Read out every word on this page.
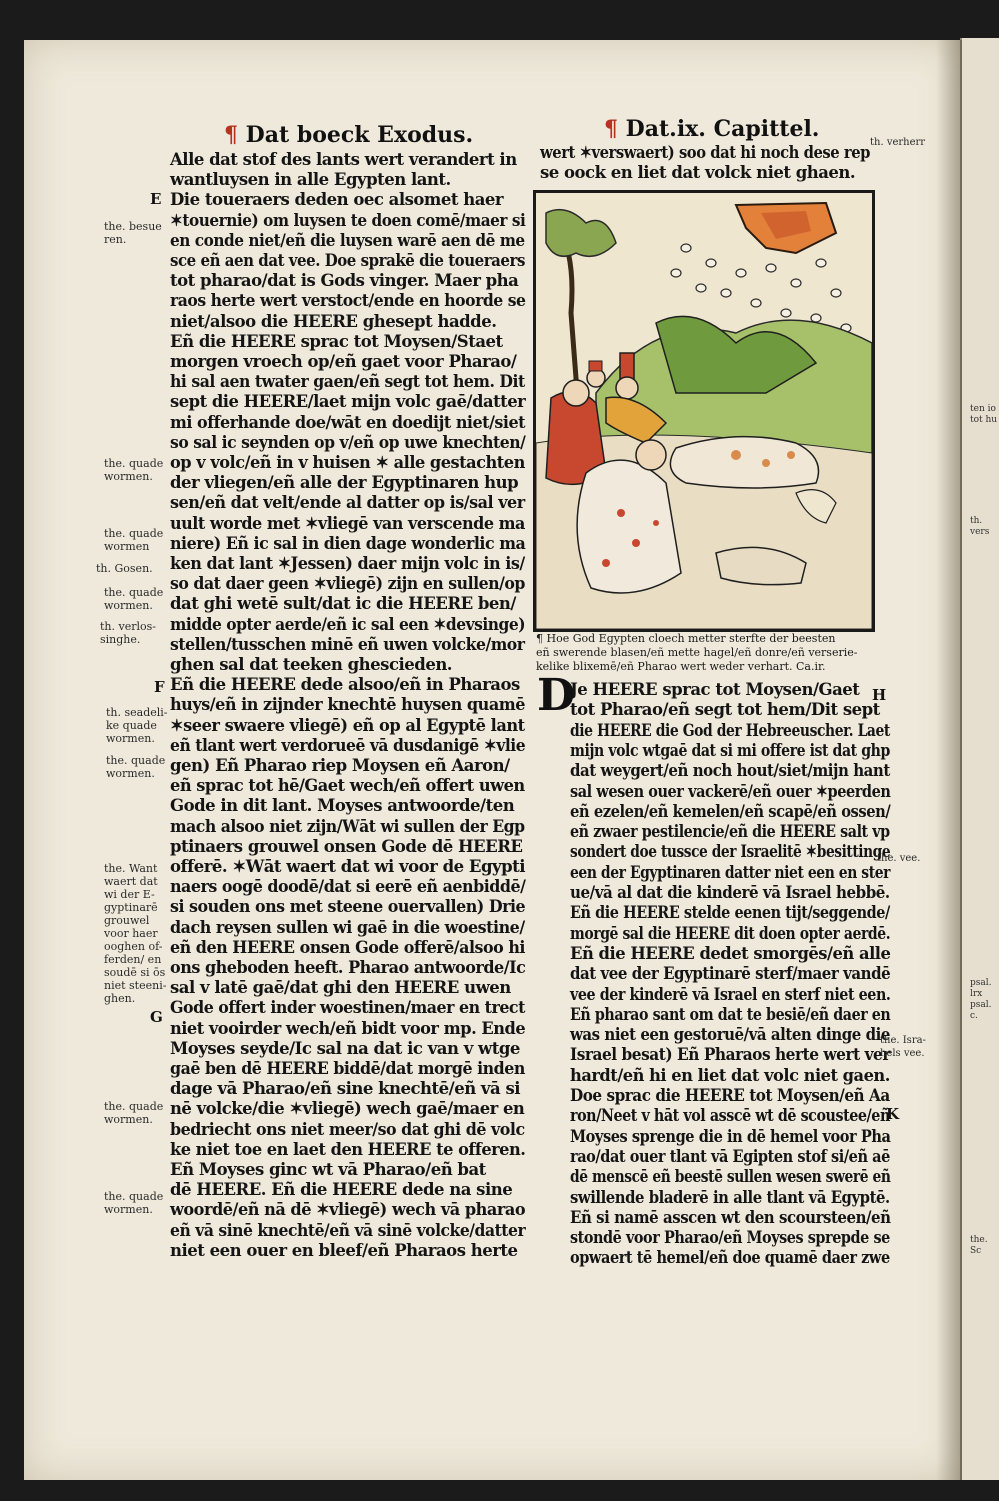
¶ Dat boeck Exodus.	¶ Dat.ix. Capittel.
Alle dat stof des lants wert verandert in
wantluysen in alle Egypten lant.
Die toueraers deden oec alsomet haer
✶touernie) om luysen te doen comē/maer si
en conde niet/eñ die luysen warē aen dē me
sce eñ aen dat vee. Doe sprakē die toueraers
tot pharao/dat is Gods vinger. Maer pha
raos herte wert verstoct/ende en hoorde se
niet/alsoo die HEERE ghesept hadde.
Eñ die HEERE sprac tot Moysen/Staet
morgen vroech op/eñ gaet voor Pharao/
hi sal aen twater gaen/eñ segt tot hem. Dit
sept die HEERE/laet mijn volc gaē/datter
mi offerhande doe/wāt en doedijt niet/siet
so sal ic seynden op v/eñ op uwe knechten/
op v volc/eñ in v huisen ✶ alle gestachten
der vliegen/eñ alle der Egyptinaren hup
sen/eñ dat velt/ende al datter op is/sal ver
uult worde met ✶vliegē van verscende ma
niere) Eñ ic sal in dien dage wonderlic ma
ken dat lant ✶Jessen) daer mijn volc in is/
so dat daer geen ✶vliegē) zijn en sullen/op
dat ghi wetē sult/dat ic die HEERE ben/
midde opter aerde/eñ ic sal een ✶devsinge)
stellen/tusschen minē eñ uwen volcke/mor
ghen sal dat teeken ghescieden.
Eñ die HEERE dede alsoo/eñ in Pharaos
huys/eñ in zijnder knechtē huysen quamē
✶seer swaere vliegē) eñ op al Egyptē lant
eñ tlant wert verdorueē vā dusdanigē ✶vlie
gen) Eñ Pharao riep Moysen eñ Aaron/
eñ sprac tot hē/Gaet wech/eñ offert uwen
Gode in dit lant. Moyses antwoorde/ten
mach alsoo niet zijn/Wāt wi sullen der Egp
ptinaers grouwel onsen Gode dē HEERE
offerē. ✶Wāt waert dat wi voor de Egypti
naers oogē doodē/dat si eerē eñ aenbiddē/
si souden ons met steene ouervallen) Drie
dach reysen sullen wi gaē in die woestine/
eñ den HEERE onsen Gode offerē/alsoo hi
ons gheboden heeft. Pharao antwoorde/Ic
sal v latē gaē/dat ghi den HEERE uwen
Gode offert inder woestinen/maer en trect
niet vooirder wech/eñ bidt voor mp. Ende
Moyses seyde/Ic sal na dat ic van v wtge
gaē ben dē HEERE biddē/dat morgē inden
dage vā Pharao/eñ sine knechtē/eñ vā si
nē volcke/die ✶vliegē) wech gaē/maer en
bedriecht ons niet meer/so dat ghi dē volc
ke niet toe en laet den HEERE te offeren.
Eñ Moyses ginc wt vā Pharao/eñ bat
dē HEERE. Eñ die HEERE dede na sine
woordē/eñ nā dē ✶vliegē) wech vā pharao
eñ vā sinē knechtē/eñ vā sinē volcke/datter
niet een ouer en bleef/eñ Pharaos herte
wert ✶verswaert) soo dat hi noch dese rep
se oock en liet dat volck niet ghaen.
¶ Hoe God Egypten cloech metter sterfte der beesten
eñ swerende blasen/eñ mette hagel/eñ donre/eñ verserie-
kelike blixemē/eñ Pharao wert weder verhart. Ca.ir.
D
Je HEERE sprac tot Moysen/Gaet
tot Pharao/eñ segt tot hem/Dit sept
die HEERE die God der Hebreeuscher. Laet
mijn volc wtgaē dat si mi offere ist dat ghp
dat weygert/eñ noch hout/siet/mijn hant
sal wesen ouer vackerē/eñ ouer ✶peerden
eñ ezelen/eñ kemelen/eñ scapē/eñ ossen/
eñ zwaer pestilencie/eñ die HEERE salt vp
sondert doe tussce der Israelitē ✶besittinge
een der Egyptinaren datter niet een en ster
ue/vā al dat die kinderē vā Israel hebbē.
Eñ die HEERE stelde eenen tijt/seggende/
morgē sal die HEERE dit doen opter aerdē.
Eñ die HEERE dedet smorgēs/eñ alle
dat vee der Egyptinarē sterf/maer vandē
vee der kinderē vā Israel en sterf niet een.
Eñ pharao sant om dat te besiē/eñ daer en
was niet een gestoruē/vā alten dinge die
Israel besat) Eñ Pharaos herte wert ver
hardt/eñ hi en liet dat volc niet gaen.
Doe sprac die HEERE tot Moysen/eñ Aa
ron/Neet v hāt vol asscē wt dē scoustee/eñ
Moyses sprenge die in dē hemel voor Pha
rao/dat ouer tlant vā Egipten stof si/eñ aē
dē menscē eñ beestē sullen wesen swerē eñ
swillende bladerē in alle tlant vā Egyptē.
Eñ si namē asscen wt den scoursteen/eñ
stondē voor Pharao/eñ Moyses sprepde se
opwaert tē hemel/eñ doe quamē daer zwe
the. besue
ren.
the. quade
wormen.
the. quade
wormen
th. Gosen.
the. quade
wormen.
th. verlos-
singhe.
th. seadeli-
ke quade
wormen.
the. quade
wormen.
the. Want
waert dat
wi der E-
gyptinarē
grouwel
voor haer
ooghen of-
ferden/ en
soudē si ōs
niet steeni-
ghen.
the. quade
wormen.
the. quade
wormen.
E
F
G
th. verherr
the. vee.
the. Isra-
hels vee.
H
K
ten io
tot hu
th. vers
psal. lrx
psal. c.
the. Sc
